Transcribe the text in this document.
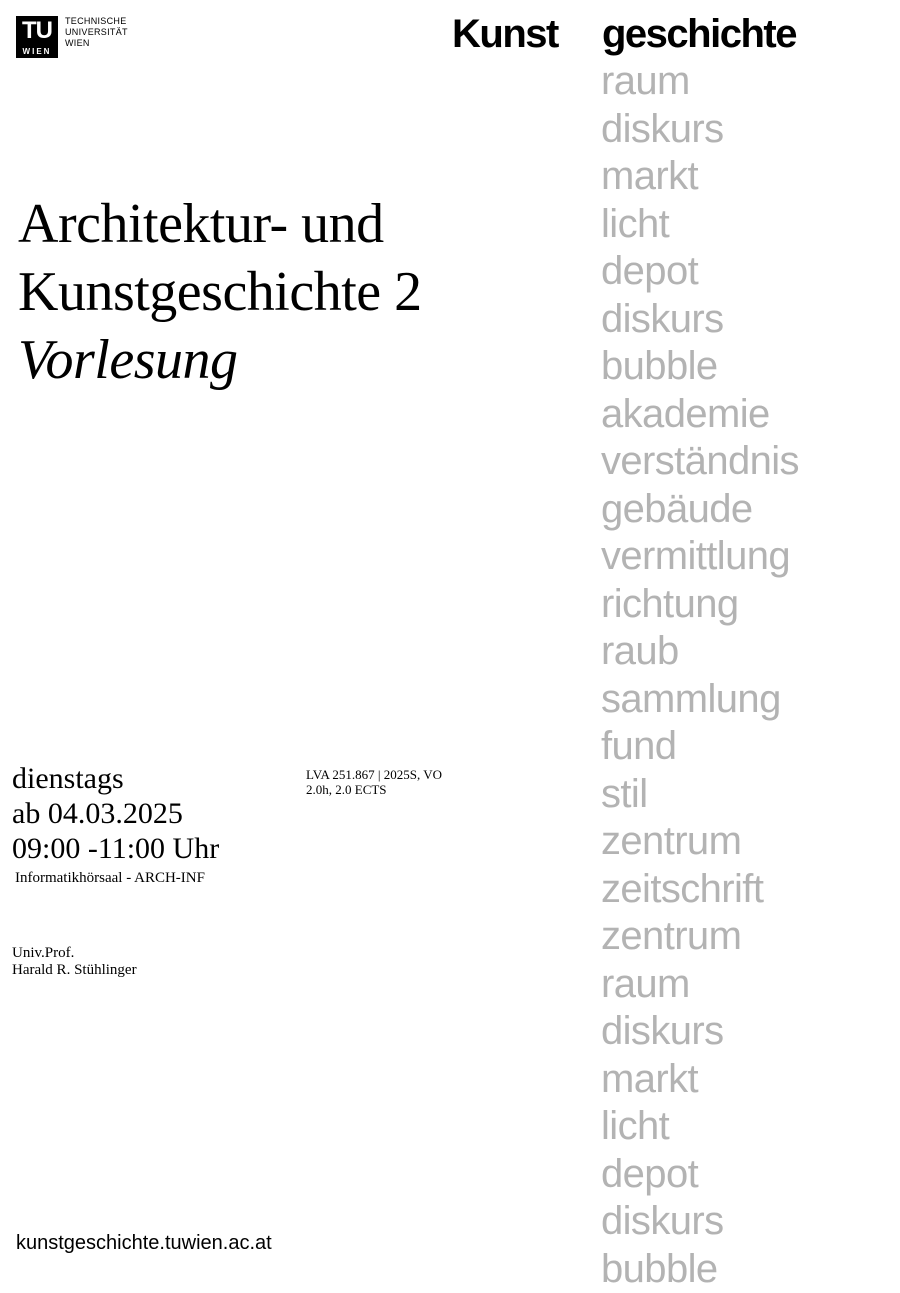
TU
WIEN
TECHNISCHE
UNIVERSITÄT
WIEN	Kunst geschichte
raum
diskurs
markt
licht
depot
diskurs
bubble
akademie
verständnis
gebäude
vermittlung
richtung
raub
sammlung
fund
stil
zentrum
zeitschrift
zentrum
raum
diskurs
markt
licht
depot
diskurs
bubble
Architektur- und
Kunstgeschichte 2
Vorlesung
dienstags
ab 04.03.2025
09:00 -11:00 Uhr
Informatikhörsaal - ARCH-INF
LVA 251.867 | 2025S, VO
2.0h, 2.0 ECTS
Univ.Prof.
Harald R. Stühlinger
kunstgeschichte.tuwien.ac.at
